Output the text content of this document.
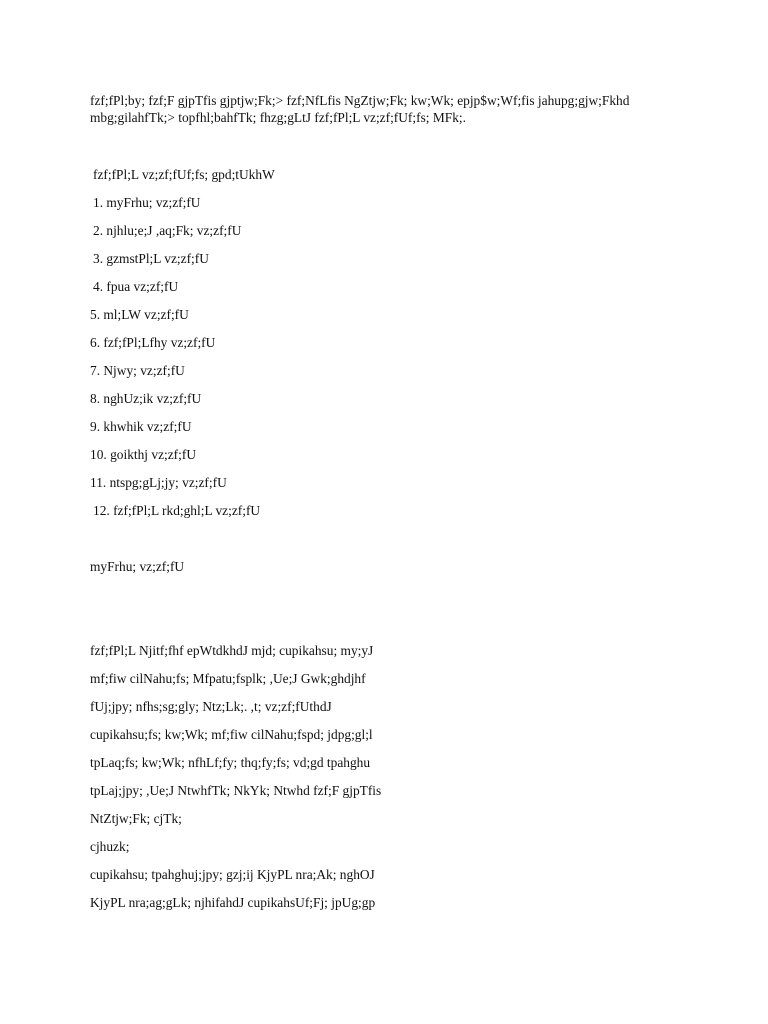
fzf;fPl;by; fzf;F gjpTfis gjptjw;Fk;> fzf;NfLfis NgZtjw;Fk; kw;Wk; epjp$w;Wf;fis jahupg;gjw;Fkhd
mbg;gilahfTk;> topfhl;bahfTk; fhzg;gLtJ fzf;fPl;L vz;zf;fUf;fs; MFk;.
fzf;fPl;L vz;zf;fUf;fs; gpd;tUkhW
1. myFrhu; vz;zf;fU
2. njhlu;e;J ,aq;Fk; vz;zf;fU
3. gzmstPl;L vz;zf;fU
4. fpua vz;zf;fU
5. ml;LW vz;zf;fU
6. fzf;fPl;Lfhy vz;zf;fU
7. Njwy; vz;zf;fU
8. nghUz;ik vz;zf;fU
9. khwhik vz;zf;fU
10. goikthj vz;zf;fU
11. ntspg;gLj;jy; vz;zf;fU
12. fzf;fPl;L rkd;ghl;L vz;zf;fU
myFrhu; vz;zf;fU
fzf;fPl;L Njitf;fhf epWtdkhdJ mjd; cupikahsu; my;yJ
mf;fiw cilNahu;fs; Mfpatu;fsplk; ,Ue;J Gwk;ghdjhf
fUj;jpy; nfhs;sg;gly; Ntz;Lk;. ,t; vz;zf;fUthdJ
cupikahsu;fs; kw;Wk; mf;fiw cilNahu;fspd; jdpg;gl;l
tpLaq;fs; kw;Wk; nfhLf;fy; thq;fy;fs; vd;gd tpahghu
tpLaj;jpy; ,Ue;J NtwhfTk; NkYk; Ntwhd fzf;F gjpTfis
NtZtjw;Fk; cjTk;
cjhuzk;
cupikahsu; tpahghuj;jpy; gzj;ij KjyPL nra;Ak; nghOJ
KjyPL nra;ag;gLk; njhifahdJ cupikahsUf;Fj; jpUg;gp
